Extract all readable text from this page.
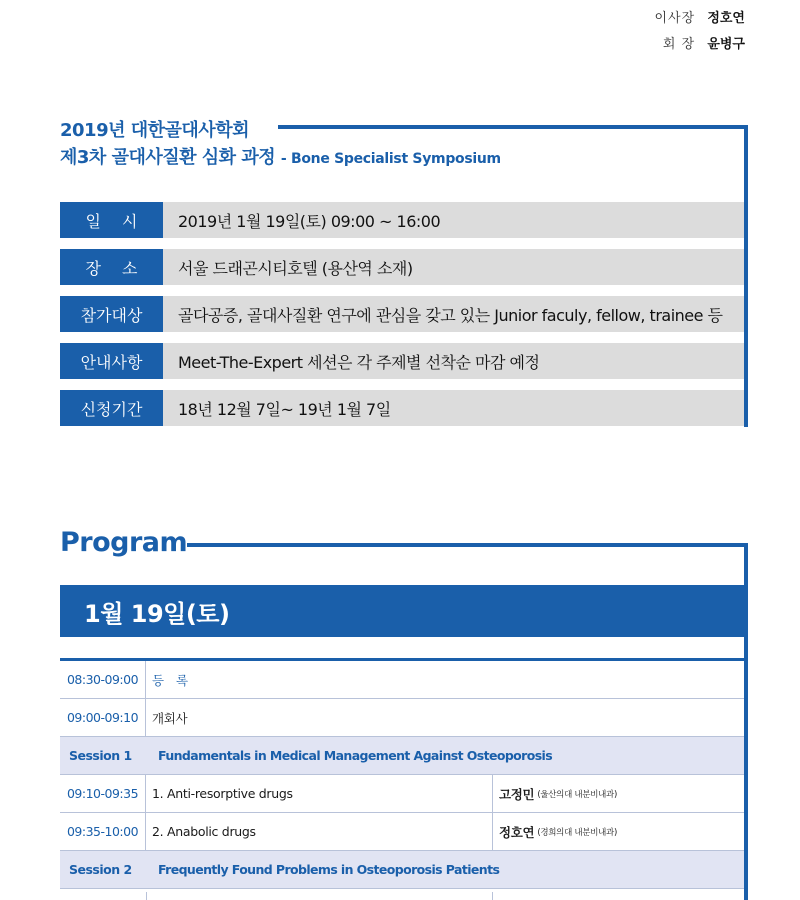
이사장 정호연
회 장 윤병구
2019년 대한골대사학회
제3차 골대사질환 심화 과정 - Bone Specialist Symposium
일　 시	2019년 1월 19일(토) 09:00 ~ 16:00
장　 소	서울 드래곤시티호텔 (용산역 소재)
참가대상	골다공증, 골대사질환 연구에 관심을 갖고 있는 Junior faculy, fellow, trainee 등
안내사항	Meet-The-Expert 세션은 각 주제별 선착순 마감 예정
신청기간	18년 12월 7일~ 19년 1월 7일
Program
1월 19일(토)
08:30-09:00	등 록
09:00-09:10	개회사
Session 1	Fundamentals in Medical Management Against Osteoporosis
09:10-09:35	1. Anti-resorptive drugs	고정민 (울산의대 내분비내과)
09:35-10:00	2. Anabolic drugs	정호연 (경희의대 내분비내과)
Session 2	Frequently Found Problems in Osteoporosis Patients
